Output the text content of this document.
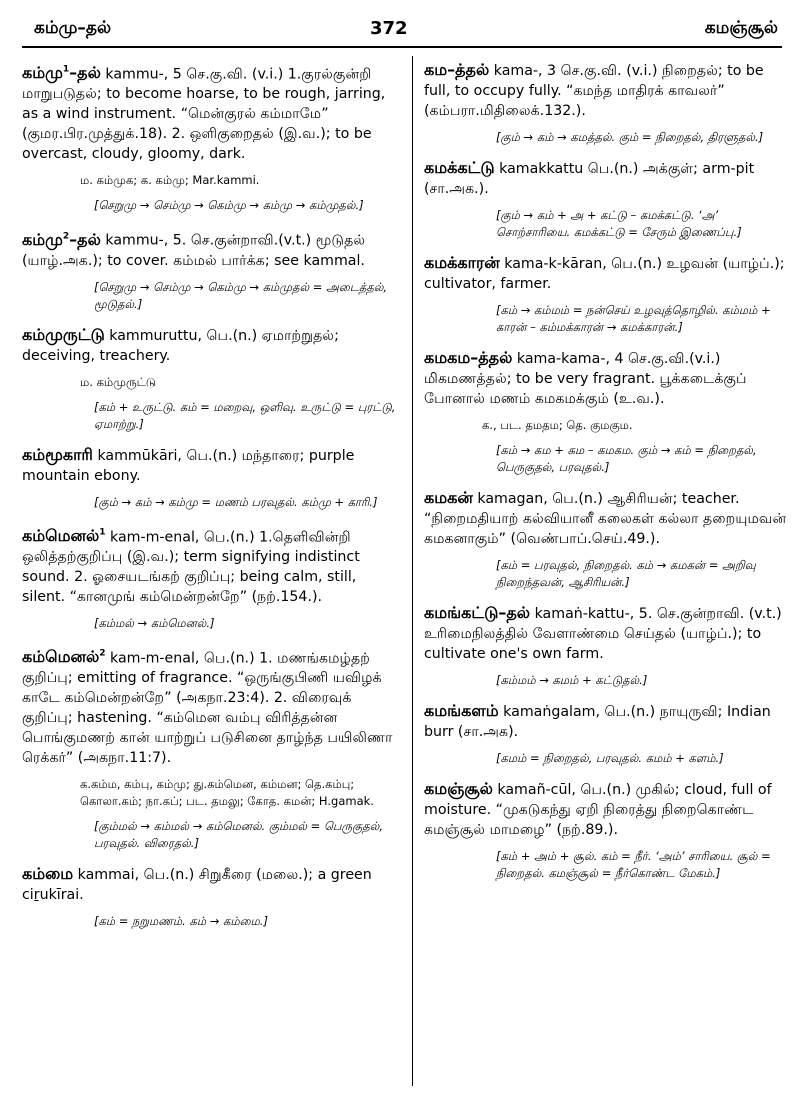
கம்மு–தல்	372	கமஞ்சூல்
கம்மு$^1$–தல் kammu-, 5 செ.கு.வி. (v.i.) 1.குரல்குன்றி மாறுபடுதல்; to become hoarse, to be rough, jarring, as a wind instrument. “மென்குரல் கம்மாமே” (குமர.பிர.முத்துக்.18). 2. ஒளிகுறைதல் (இ.வ.); to be overcast, cloudy, gloomy, dark.
ம. கம்முக; க. கம்மு; Mar.kammi.
[செறுமு → செம்மு → கெம்மு → கம்மு → கம்முதல்.]
கம்மு$^2$–தல் kammu-, 5. செ.குன்றாவி.(v.t.) மூடுதல் (யாழ்.அக.); to cover. கம்மல் பார்க்க; see kammal.
[செறுமு → செம்மு → கெம்மு → கம்முதல் = அடைத்தல், மூடுதல்.]
கம்முருட்டு kammuruttu, பெ.(n.) ஏமாற்றுதல்; deceiving, treachery.
ம. கம்முருட்டு
[கம் + உருட்டு. கம் = மறைவு, ஒளிவு. உருட்டு = புரட்டு, ஏமாற்று.]
கம்மூகாரி kammūkāri, பெ.(n.) மந்தாரை; purple mountain ebony.
[கும் → கம் → கம்மு = மணம் பரவுதல். கம்மு + காரி.]
கம்மெனல்$^1$ kam-m-enal, பெ.(n.) 1.தெளிவின்றி ஒலித்தற்குறிப்பு (இ.வ.); term signifying indistinct sound. 2. ஓசையடங்கற் குறிப்பு; being calm, still, silent. “கானமுங் கம்மென்றன்றே” (நற்.154.).
[கம்மல் → கம்மெனல்.]
கம்மெனல்$^2$ kam-m-enal, பெ.(n.) 1. மணங்கமழ்தற் குறிப்பு; emitting of fragrance. “ஒருங்குபிணி யவிழக் காடே கம்மென்றன்றே” (அகநா.23:4). 2. விரைவுக் குறிப்பு; hastening. “கம்மென வம்பு விரித்தன்ன பொங்குமணற் கான் யாற்றுப் படுசினை தாழ்ந்த பயிலிணா ரெக்கர்” (அகநா.11:7).
க.கம்ம, கம்பு, கம்மு; து.கம்மென, கம்மன; தெ.கம்பு; கொலா.கம்; நா.கப்; பட. தமலு; கோத. கமன்; H.gamak.
[கும்மல் → கம்மல் → கம்மெனல். கும்மல் = பெருகுதல், பரவுதல். விரைதல்.]
கம்மை kammai, பெ.(n.) சிறுகீரை (மலை.); a green ciṟukīrai.
[கம் = நறுமணம். கம் → கம்மை.]
கம–த்தல் kama-, 3 செ.கு.வி. (v.i.) நிறைதல்; to be full, to occupy fully. “கமந்த மாதிரக் காவலர்” (கம்பரா.மிதிலைக்.132.).
[கும் → கம் → கமத்தல். கும் = நிறைதல், திரளுதல்.]
கமக்கட்டு kamakkattu பெ.(n.) அக்குள்; arm-pit (சா.அக.).
[கும் → கம் + அ + கட்டு – கமக்கட்டு. ‘அ’ சொற்சாரியை. கமக்கட்டு = சேரும் இணைப்பு.]
கமக்காரன் kama-k-kāran, பெ.(n.) உழவன் (யாழ்ப்.); cultivator, farmer.
[கம் → கம்மம் = நன்செய் உழவுத்தொழில். கம்மம் + காரன் – கம்மக்காரன் → கமக்காரன்.]
கமகம–த்தல் kama-kama-, 4 செ.கு.வி.(v.i.) மிகமணத்தல்; to be very fragrant. பூக்கடைக்குப் போனால் மணம் கமகமக்கும் (உ.வ.).
க., பட. தமதம; தெ. குமகும.
[கம் → கம + கம – கமகம. கும் → கம் = நிறைதல், பெருகுதல், பரவுதல்.]
கமகன் kamagan, பெ.(n.) ஆசிரியன்; teacher. “நிறைமதியாற் கல்வியானீ கலைகள் கல்லா தறையுமவன் கமகனாகும்” (வெண்பாப்.செய்.49.).
[கம் = பரவுதல், நிறைதல். கம் → கமகன் = அறிவு நிறைந்தவன், ஆசிரியன்.]
கமங்கட்டு–தல் kamaṅ-kattu-, 5. செ.குன்றாவி. (v.t.) உரிமைநிலத்தில் வேளாண்மை செய்தல் (யாழ்ப்.); to cultivate one's own farm.
[கம்மம் → கமம் + கட்டுதல்.]
கமங்களம் kamaṅgalam, பெ.(n.) நாயுருவி; Indian burr (சா.அக).
[கமம் = நிறைதல், பரவுதல். கமம் + களம்.]
கமஞ்சூல் kamañ-cūl, பெ.(n.) முகில்; cloud, full of moisture. “முகடுகந்து ஏறி நிரைத்து நிறைகொண்ட கமஞ்சூல் மாமழை” (நற்.89.).
[கம் + அம் + சூல். கம் = நீர். ‘அம்’ சாரியை. சூல் = நிறைதல். கமஞ்சூல் = நீர்கொண்ட மேகம்.]
